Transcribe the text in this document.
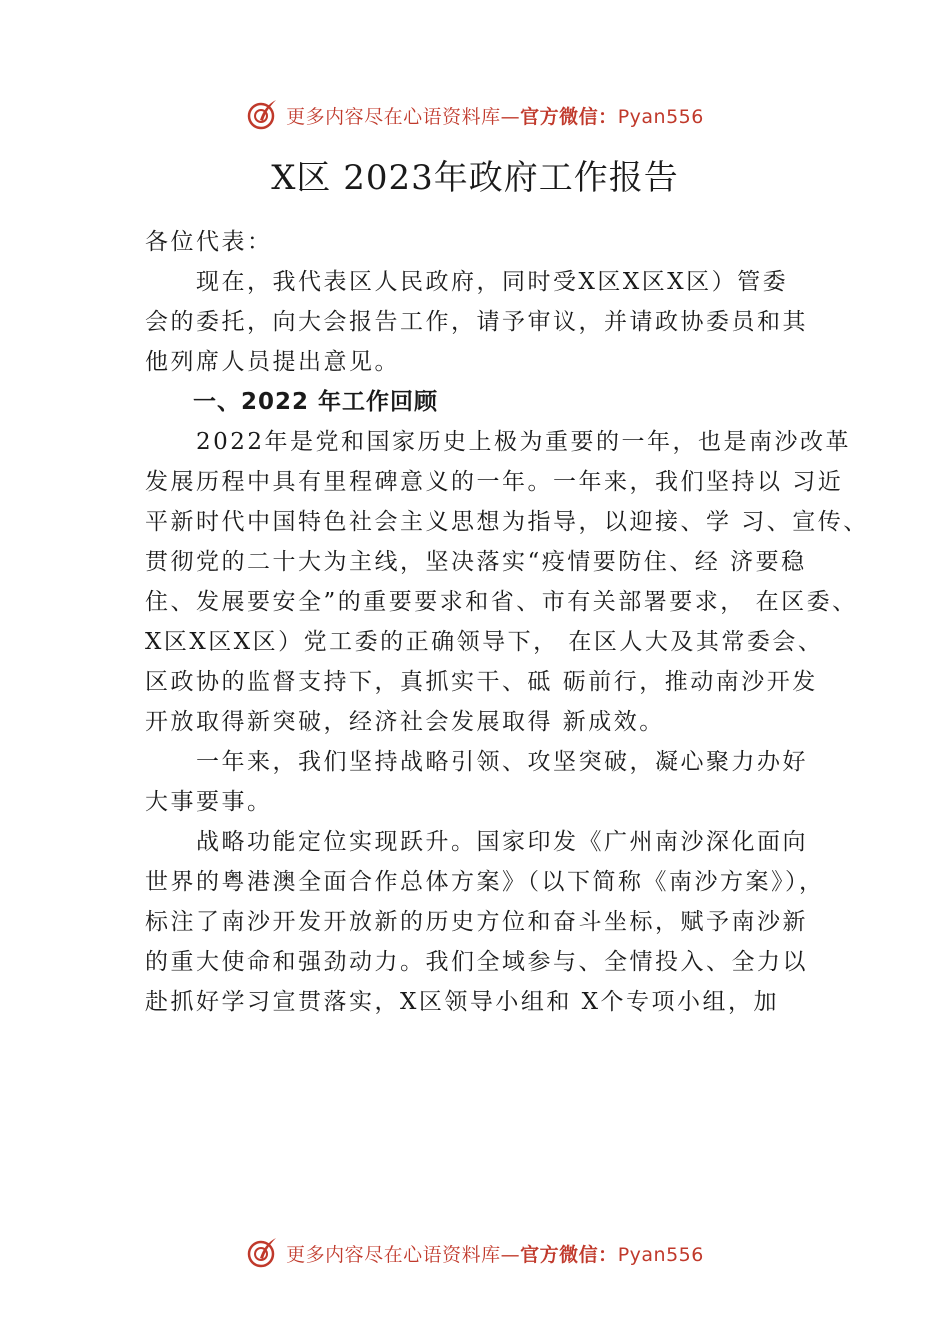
更多内容尽在心语资料库—官方微信：Pyan556
X区 2023年政府工作报告
各位代表：
　　现在，我代表区人民政府，同时受X区X区X区）管委
会的委托，向大会报告工作，请予审议，并请政协委员和其
他列席人员提出意见。
　　一、2022 年工作回顾
　　2022年是党和国家历史上极为重要的一年，也是南沙改革
发展历程中具有里程碑意义的一年。一年来，我们坚持以 习近
平新时代中国特色社会主义思想为指导，以迎接、学 习、宣传、
贯彻党的二十大为主线，坚决落实“疫情要防住、经 济要稳
住、发展要安全”的重要要求和省、市有关部署要求， 在区委、
X区X区X区）党工委的正确领导下， 在区人大及其常委会、
区政协的监督支持下，真抓实干、砥 砺前行，推动南沙开发
开放取得新突破，经济社会发展取得 新成效。
　　一年来，我们坚持战略引领、攻坚突破，凝心聚力办好
大事要事。
　　战略功能定位实现跃升。国家印发《广州南沙深化面向
世界的粤港澳全面合作总体方案》（以下简称《南沙方案》），
标注了南沙开发开放新的历史方位和奋斗坐标，赋予南沙新
的重大使命和强劲动力。我们全域参与、全情投入、全力以
赴抓好学习宣贯落实，X区领导小组和 X个专项小组，加
更多内容尽在心语资料库—官方微信：Pyan556
